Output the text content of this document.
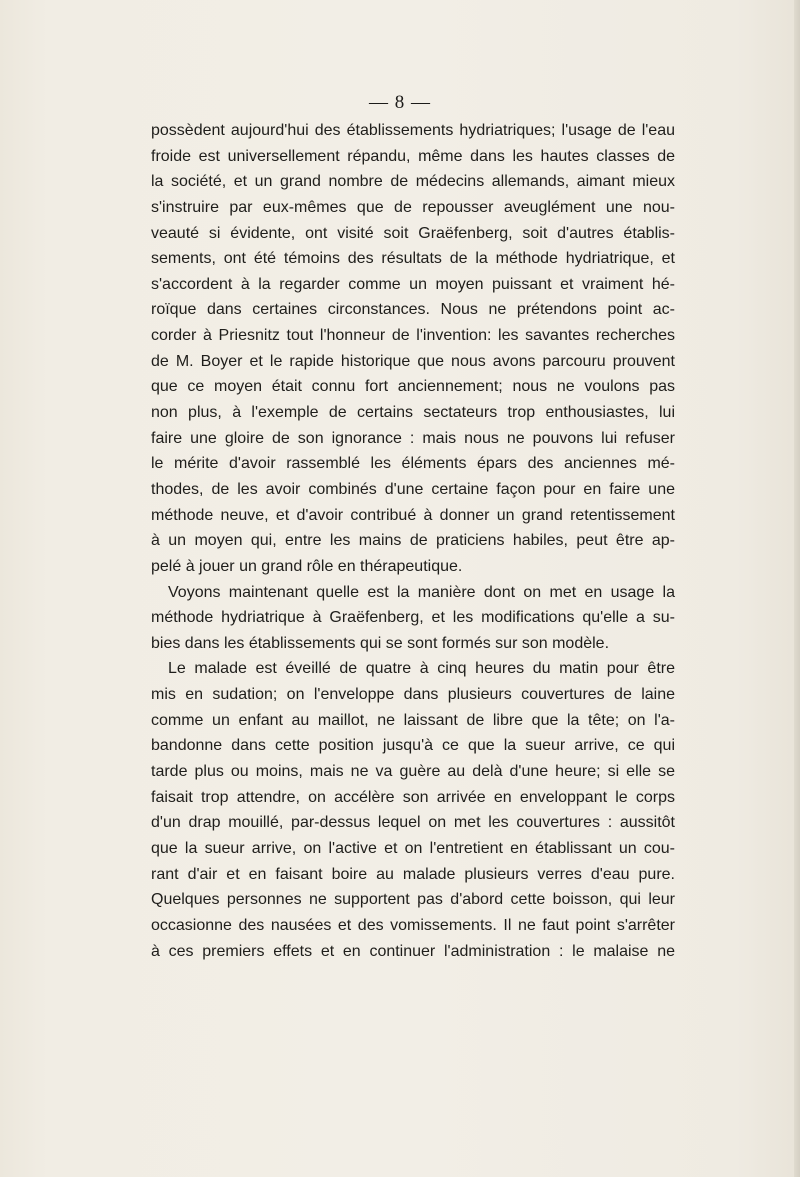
— 8 —
possèdent aujourd'hui des établissements hydriatriques; l'usage de l'eau
froide est universellement répandu, même dans les hautes classes de
la société, et un grand nombre de médecins allemands, aimant mieux
s'instruire par eux-mêmes que de repousser aveuglément une nou-
veauté si évidente, ont visité soit Graëfenberg, soit d'autres établis-
sements, ont été témoins des résultats de la méthode hydriatrique, et
s'accordent à la regarder comme un moyen puissant et vraiment hé-
roïque dans certaines circonstances. Nous ne prétendons point ac-
corder à Priesnitz tout l'honneur de l'invention: les savantes recherches
de M. Boyer et le rapide historique que nous avons parcouru prouvent
que ce moyen était connu fort anciennement; nous ne voulons pas
non plus, à l'exemple de certains sectateurs trop enthousiastes, lui
faire une gloire de son ignorance : mais nous ne pouvons lui refuser
le mérite d'avoir rassemblé les éléments épars des anciennes mé-
thodes, de les avoir combinés d'une certaine façon pour en faire une
méthode neuve, et d'avoir contribué à donner un grand retentissement
à un moyen qui, entre les mains de praticiens habiles, peut être ap-
pelé à jouer un grand rôle en thérapeutique.
Voyons maintenant quelle est la manière dont on met en usage la
méthode hydriatrique à Graëfenberg, et les modifications qu'elle a su-
bies dans les établissements qui se sont formés sur son modèle.
Le malade est éveillé de quatre à cinq heures du matin pour être
mis en sudation; on l'enveloppe dans plusieurs couvertures de laine
comme un enfant au maillot, ne laissant de libre que la tête; on l'a-
bandonne dans cette position jusqu'à ce que la sueur arrive, ce qui
tarde plus ou moins, mais ne va guère au delà d'une heure; si elle se
faisait trop attendre, on accélère son arrivée en enveloppant le corps
d'un drap mouillé, par-dessus lequel on met les couvertures : aussitôt
que la sueur arrive, on l'active et on l'entretient en établissant un cou-
rant d'air et en faisant boire au malade plusieurs verres d'eau pure.
Quelques personnes ne supportent pas d'abord cette boisson, qui leur
occasionne des nausées et des vomissements. Il ne faut point s'arrêter
à ces premiers effets et en continuer l'administration : le malaise ne
